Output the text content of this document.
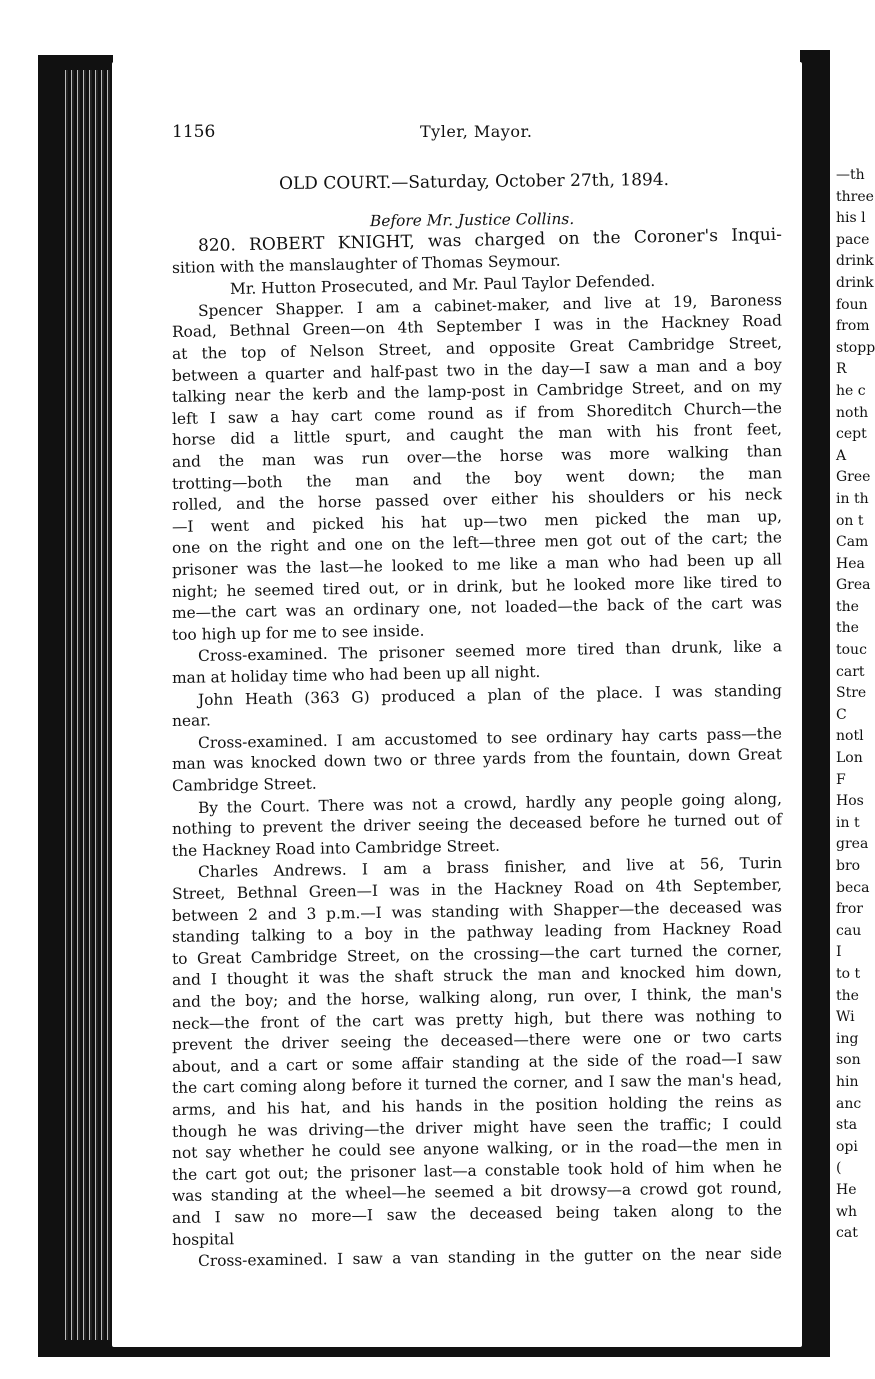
—th
three
his l
pace
drink
drink
foun
from
stopp
R
he c
noth
cept
A
Gree
in th
on t
Cam
Hea
Grea
the
the
touc
cart
Stre
C
notl
Lon
F
Hos
in t
grea
bro
beca
fror
cau
I
to t
the
Wi
ing
son
hin
anc
sta
opi
(
He
wh
cat
1156	Tyler, Mayor.
OLD COURT.—Saturday, October 27th, 1894.
Before Mr. Justice Collins.
820. ROBERT KNIGHT, was charged on the Coroner's Inqui-
sition with the manslaughter of Thomas Seymour.
Mr. Hutton Prosecuted, and Mr. Paul Taylor Defended.
Spencer Shapper. I am a cabinet-maker, and live at 19, Baroness
Road, Bethnal Green—on 4th September I was in the Hackney Road
at the top of Nelson Street, and opposite Great Cambridge Street,
between a quarter and half-past two in the day—I saw a man and a boy
talking near the kerb and the lamp-post in Cambridge Street, and on my
left I saw a hay cart come round as if from Shoreditch Church—the
horse did a little spurt, and caught the man with his front feet,
and the man was run over—the horse was more walking than
trotting—both the man and the boy went down; the man
rolled, and the horse passed over either his shoulders or his neck
—I went and picked his hat up—two men picked the man up,
one on the right and one on the left—three men got out of the cart; the
prisoner was the last—he looked to me like a man who had been up all
night; he seemed tired out, or in drink, but he looked more like tired to
me—the cart was an ordinary one, not loaded—the back of the cart was
too high up for me to see inside.
Cross-examined. The prisoner seemed more tired than drunk, like a
man at holiday time who had been up all night.
John Heath (363 G) produced a plan of the place. I was standing
near.
Cross-examined. I am accustomed to see ordinary hay carts pass—the
man was knocked down two or three yards from the fountain, down Great
Cambridge Street.
By the Court. There was not a crowd, hardly any people going along,
nothing to prevent the driver seeing the deceased before he turned out of
the Hackney Road into Cambridge Street.
Charles Andrews. I am a brass finisher, and live at 56, Turin
Street, Bethnal Green—I was in the Hackney Road on 4th September,
between 2 and 3 p.m.—I was standing with Shapper—the deceased was
standing talking to a boy in the pathway leading from Hackney Road
to Great Cambridge Street, on the crossing—the cart turned the corner,
and I thought it was the shaft struck the man and knocked him down,
and the boy; and the horse, walking along, run over, I think, the man's
neck—the front of the cart was pretty high, but there was nothing to
prevent the driver seeing the deceased—there were one or two carts
about, and a cart or some affair standing at the side of the road—I saw
the cart coming along before it turned the corner, and I saw the man's head,
arms, and his hat, and his hands in the position holding the reins as
though he was driving—the driver might have seen the traffic; I could
not say whether he could see anyone walking, or in the road—the men in
the cart got out; the prisoner last—a constable took hold of him when he
was standing at the wheel—he seemed a bit drowsy—a crowd got round,
and I saw no more—I saw the deceased being taken along to the
hospital
Cross-examined. I saw a van standing in the gutter on the near side
